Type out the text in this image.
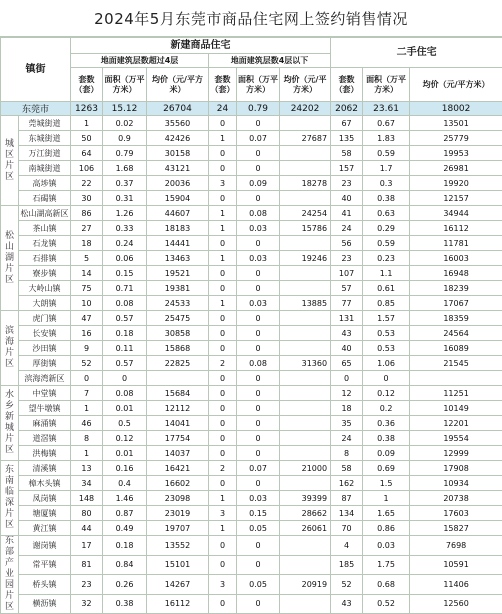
2024年5月东莞市商品住宅网上签约销售情况
镇街		新建商品住宅						二手住宅		
		地面建筑层数超过4层			地面建筑层数4层以下					
		套数（套）	面积（万平方米）	均价（元/平方米）	套数（套）	面积（万平方米）	均价（元/平方米）	套数（套）	面积（万平方米）	均价（元/平方米）
东莞市		1263	15.12	26704	24	0.79	24202	2062	23.61	18002
城区片区	莞城街道	1	0.02	35560	0	0		67	0.67	13501
	东城街道	50	0.9	42426	1	0.07	27687	135	1.83	25779
	万江街道	64	0.79	30158	0	0		58	0.59	19953
	南城街道	106	1.68	43121	0	0		157	1.7	26981
	高埗镇	22	0.37	20036	3	0.09	18278	23	0.3	19920
	石碣镇	30	0.31	15904	0	0		40	0.38	12157
松山湖片区	松山湖高新区	86	1.26	44607	1	0.08	24254	41	0.63	34944
	茶山镇	27	0.33	18183	1	0.03	15786	24	0.29	16112
	石龙镇	18	0.24	14441	0	0		56	0.59	11781
	石排镇	5	0.06	13463	1	0.03	19246	23	0.23	16003
	寮步镇	14	0.15	19521	0	0		107	1.1	16948
	大岭山镇	75	0.71	19381	0	0		57	0.61	18239
	大朗镇	10	0.08	24533	1	0.03	13885	77	0.85	17067
滨海片区	虎门镇	47	0.57	25475	0	0		131	1.57	18359
	长安镇	16	0.18	30858	0	0		43	0.53	24564
	沙田镇	9	0.11	15868	0	0		40	0.53	16089
	厚街镇	52	0.57	22825	2	0.08	31360	65	1.06	21545
	滨海湾新区	0	0		0	0		0	0	
水乡新城片区	中堂镇	7	0.08	15684	0	0		12	0.12	11251
	望牛墩镇	1	0.01	12112	0	0		18	0.2	10149
	麻涌镇	46	0.5	14041	0	0		35	0.36	12201
	道滘镇	8	0.12	17754	0	0		24	0.38	19554
	洪梅镇	1	0.01	14037	0	0		8	0.09	12999
东南临深片区	清溪镇	13	0.16	16421	2	0.07	21000	58	0.69	17908
	樟木头镇	34	0.4	16602	0	0		162	1.5	10934
	凤岗镇	148	1.46	23098	1	0.03	39399	87	1	20738
	塘厦镇	80	0.87	23019	3	0.15	28662	134	1.65	17603
	黄江镇	44	0.49	19707	1	0.05	26061	70	0.86	15827
东部产业园片区	谢岗镇	17	0.18	13552	0	0		4	0.03	7698
	常平镇	81	0.84	15101	0	0		185	1.75	10591
	桥头镇	23	0.26	14267	3	0.05	20919	52	0.68	11406
	横沥镇	32	0.38	16112	0	0		43	0.52	12560
